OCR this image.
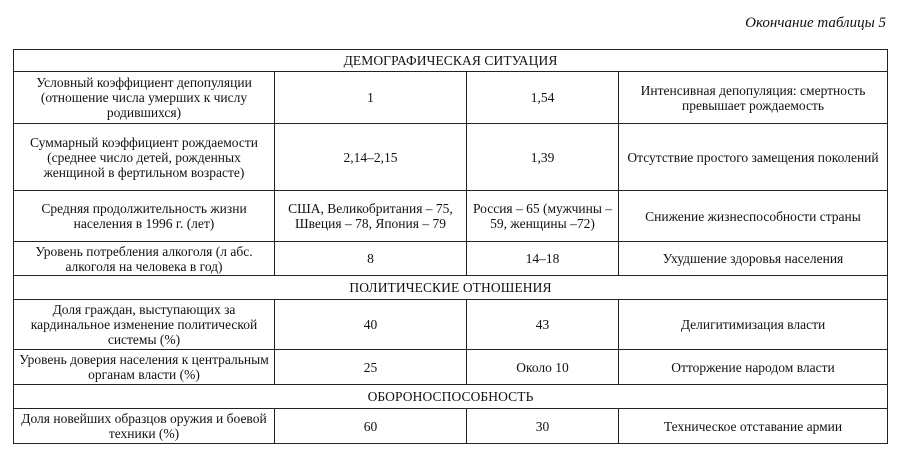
Окончание таблицы 5
ДЕМОГРАФИЧЕСКАЯ СИТУАЦИЯ			
Условный коэффициент депопуляции (отношение числа умерших к числу родившихся)	1	1,54	Интенсивная депопуляция: смертность превышает рождаемость
Суммарный коэффициент рождаемости (среднее число детей, рожденных женщиной в фертильном возрасте)	2,14–2,15	1,39	Отсутствие простого замещения поколений
Средняя продолжительность жизни населения в 1996 г. (лет)	США, Великобритания – 75, Швеция – 78, Япония – 79	Россия – 65 (мужчины – 59, женщины –72)	Снижение жизнеспособности страны
Уровень потребления алкоголя (л абс. алкоголя на человека в год)	8	14–18	Ухудшение здоровья населения
ПОЛИТИЧЕСКИЕ ОТНОШЕНИЯ			
Доля граждан, выступающих за кардинальное изменение политической системы (%)	40	43	Делигитимизация власти
Уровень доверия населения к центральным органам власти (%)	25	Около 10	Отторжение народом власти
ОБОРОНОСПОСОБНОСТЬ			
Доля новейших образцов оружия и боевой техники (%)	60	30	Техническое отставание армии
